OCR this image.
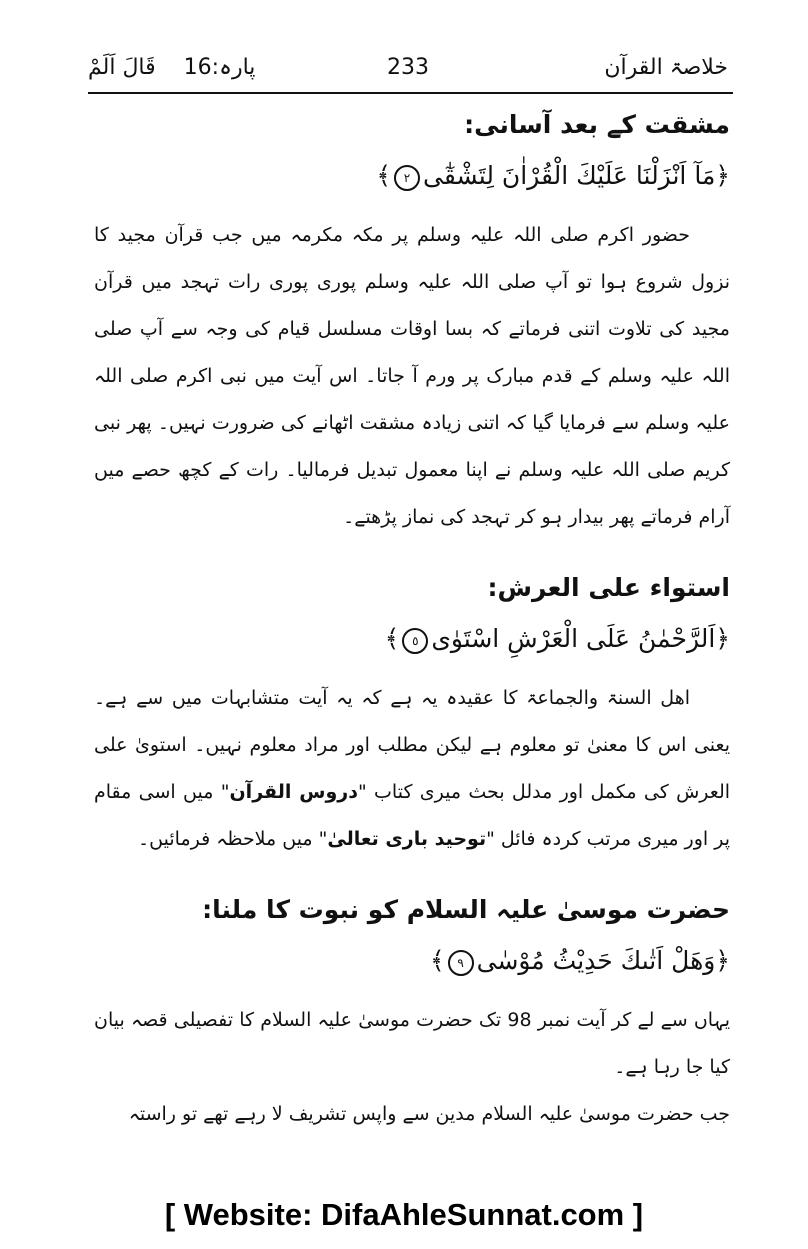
خلاصۃ القرآن
233
پارہ:16    قَالَ اَلَمْ
مشقت کے بعد آسانی:
﴿مَآ اَنْزَلْنَا عَلَيْكَ الْقُرْاٰنَ لِتَشْقٰٓى٢﴾

حضور اکرم صلی اللہ علیہ وسلم پر مکہ مکرمہ میں جب قرآن مجید کا نزول شروع ہوا تو آپ صلی اللہ علیہ وسلم پوری پوری رات تہجد میں قرآن مجید کی تلاوت اتنی فرماتے کہ بسا اوقات مسلسل قیام کی وجہ سے آپ صلی اللہ علیہ وسلم کے قدم مبارک پر ورم آ جاتا۔ اس آیت میں نبی اکرم صلی اللہ علیہ وسلم سے فرمایا گیا کہ اتنی زیادہ مشقت اٹھانے کی ضرورت نہیں۔ پھر نبی کریم صلی اللہ علیہ وسلم نے اپنا معمول تبدیل فرمالیا۔ رات کے کچھ حصے میں آرام فرماتے پھر بیدار ہو کر تہجد کی نماز پڑھتے۔

استواء علی العرش:
﴿اَلرَّحْمٰنُ عَلَى الْعَرْشِ اسْتَوٰى٥﴾

اھل السنۃ والجماعۃ کا عقیدہ یہ ہے کہ یہ آیت متشابہات میں سے ہے۔ یعنی اس کا معنیٰ تو معلوم ہے لیکن مطلب اور مراد معلوم نہیں۔ استویٰ علی العرش کی مکمل اور مدلل بحث میری کتاب "دروس القرآن" میں اسی مقام پر اور میری مرتب کردہ فائل "توحید باری تعالیٰ" میں ملاحظہ فرمائیں۔

حضرت موسیٰ علیہ السلام کو نبوت کا ملنا:
﴿وَهَلْ اَتٰىكَ حَدِيْثُ مُوْسٰى٩﴾

یہاں سے لے کر آیت نمبر 98 تک حضرت موسیٰ علیہ السلام کا تفصیلی قصہ بیان کیا جا رہا ہے۔

جب حضرت موسیٰ علیہ السلام مدین سے واپس تشریف لا رہے تھے تو راستہ

[ Website: DifaAhleSunnat.com ]
